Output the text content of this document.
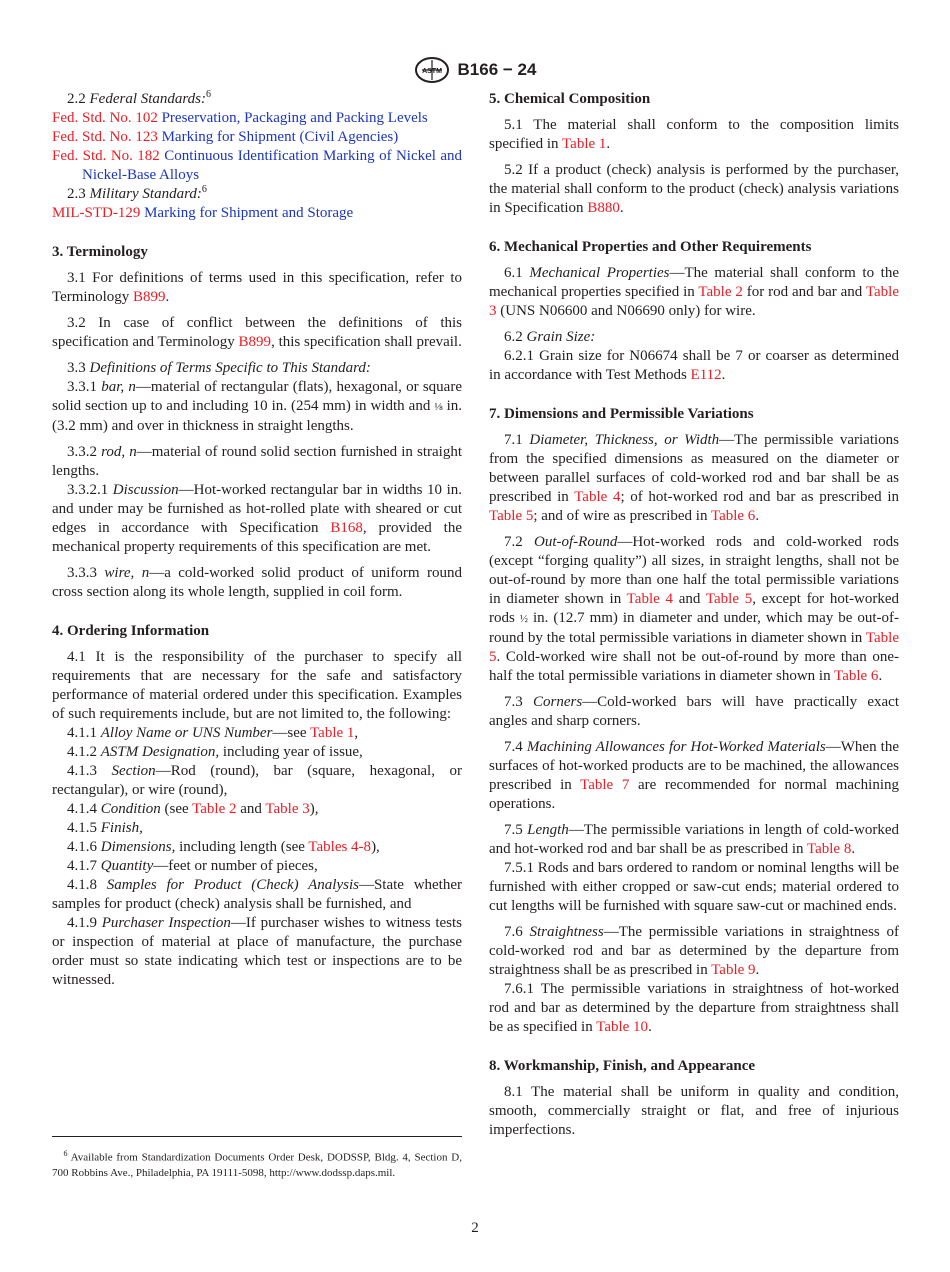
ASTM B166 − 24

2.2 Federal Standards:$^6$

Fed. Std. No. 102 Preservation, Packaging and Packing Levels

Fed. Std. No. 123 Marking for Shipment (Civil Agencies)

Fed. Std. No. 182 Continuous Identification Marking of Nickel and Nickel-Base Alloys

2.3 Military Standard:$^6$

MIL-STD-129 Marking for Shipment and Storage

3. Terminology

3.1 For definitions of terms used in this specification, refer to Terminology B899.

3.2 In case of conflict between the definitions of this specification and Terminology B899, this specification shall prevail.

3.3 Definitions of Terms Specific to This Standard:

3.3.1 bar, n—material of rectangular (flats), hexagonal, or square solid section up to and including 10 in. (254 mm) in width and ⅛ in. (3.2 mm) and over in thickness in straight lengths.

3.3.2 rod, n—material of round solid section furnished in straight lengths.

3.3.2.1 Discussion—Hot-worked rectangular bar in widths 10 in. and under may be furnished as hot-rolled plate with sheared or cut edges in accordance with Specification B168, provided the mechanical property requirements of this specification are met.

3.3.3 wire, n—a cold-worked solid product of uniform round cross section along its whole length, supplied in coil form.

4. Ordering Information

4.1 It is the responsibility of the purchaser to specify all requirements that are necessary for the safe and satisfactory performance of material ordered under this specification. Examples of such requirements include, but are not limited to, the following:

4.1.1 Alloy Name or UNS Number—see Table 1,

4.1.2 ASTM Designation, including year of issue,

4.1.3 Section—Rod (round), bar (square, hexagonal, or rectangular), or wire (round),

4.1.4 Condition (see Table 2 and Table 3),

4.1.5 Finish,

4.1.6 Dimensions, including length (see Tables 4-8),

4.1.7 Quantity—feet or number of pieces,

4.1.8 Samples for Product (Check) Analysis—State whether samples for product (check) analysis shall be furnished, and

4.1.9 Purchaser Inspection—If purchaser wishes to witness tests or inspection of material at place of manufacture, the purchase order must so state indicating which test or inspections are to be witnessed.

5. Chemical Composition

5.1 The material shall conform to the composition limits specified in Table 1.

5.2 If a product (check) analysis is performed by the purchaser, the material shall conform to the product (check) analysis variations in Specification B880.

6. Mechanical Properties and Other Requirements

6.1 Mechanical Properties—The material shall conform to the mechanical properties specified in Table 2 for rod and bar and Table 3 (UNS N06600 and N06690 only) for wire.

6.2 Grain Size:

6.2.1 Grain size for N06674 shall be 7 or coarser as determined in accordance with Test Methods E112.

7. Dimensions and Permissible Variations

7.1 Diameter, Thickness, or Width—The permissible variations from the specified dimensions as measured on the diameter or between parallel surfaces of cold-worked rod and bar shall be as prescribed in Table 4; of hot-worked rod and bar as prescribed in Table 5; and of wire as prescribed in Table 6.

7.2 Out-of-Round—Hot-worked rods and cold-worked rods (except “forging quality”) all sizes, in straight lengths, shall not be out-of-round by more than one half the total permissible variations in diameter shown in Table 4 and Table 5, except for hot-worked rods ½ in. (12.7 mm) in diameter and under, which may be out-of-round by the total permissible variations in diameter shown in Table 5. Cold-worked wire shall not be out-of-round by more than one-half the total permissible variations in diameter shown in Table 6.

7.3 Corners—Cold-worked bars will have practically exact angles and sharp corners.

7.4 Machining Allowances for Hot-Worked Materials—When the surfaces of hot-worked products are to be machined, the allowances prescribed in Table 7 are recommended for normal machining operations.

7.5 Length—The permissible variations in length of cold-worked and hot-worked rod and bar shall be as prescribed in Table 8.

7.5.1 Rods and bars ordered to random or nominal lengths will be furnished with either cropped or saw-cut ends; material ordered to cut lengths will be furnished with square saw-cut or machined ends.

7.6 Straightness—The permissible variations in straightness of cold-worked rod and bar as determined by the departure from straightness shall be as prescribed in Table 9.

7.6.1 The permissible variations in straightness of hot-worked rod and bar as determined by the departure from straightness shall be as specified in Table 10.

8. Workmanship, Finish, and Appearance

8.1 The material shall be uniform in quality and condition, smooth, commercially straight or flat, and free of injurious imperfections.

$^6$ Available from Standardization Documents Order Desk, DODSSP, Bldg. 4, Section D, 700 Robbins Ave., Philadelphia, PA 19111-5098, http://www.dodssp.daps.mil.

2
